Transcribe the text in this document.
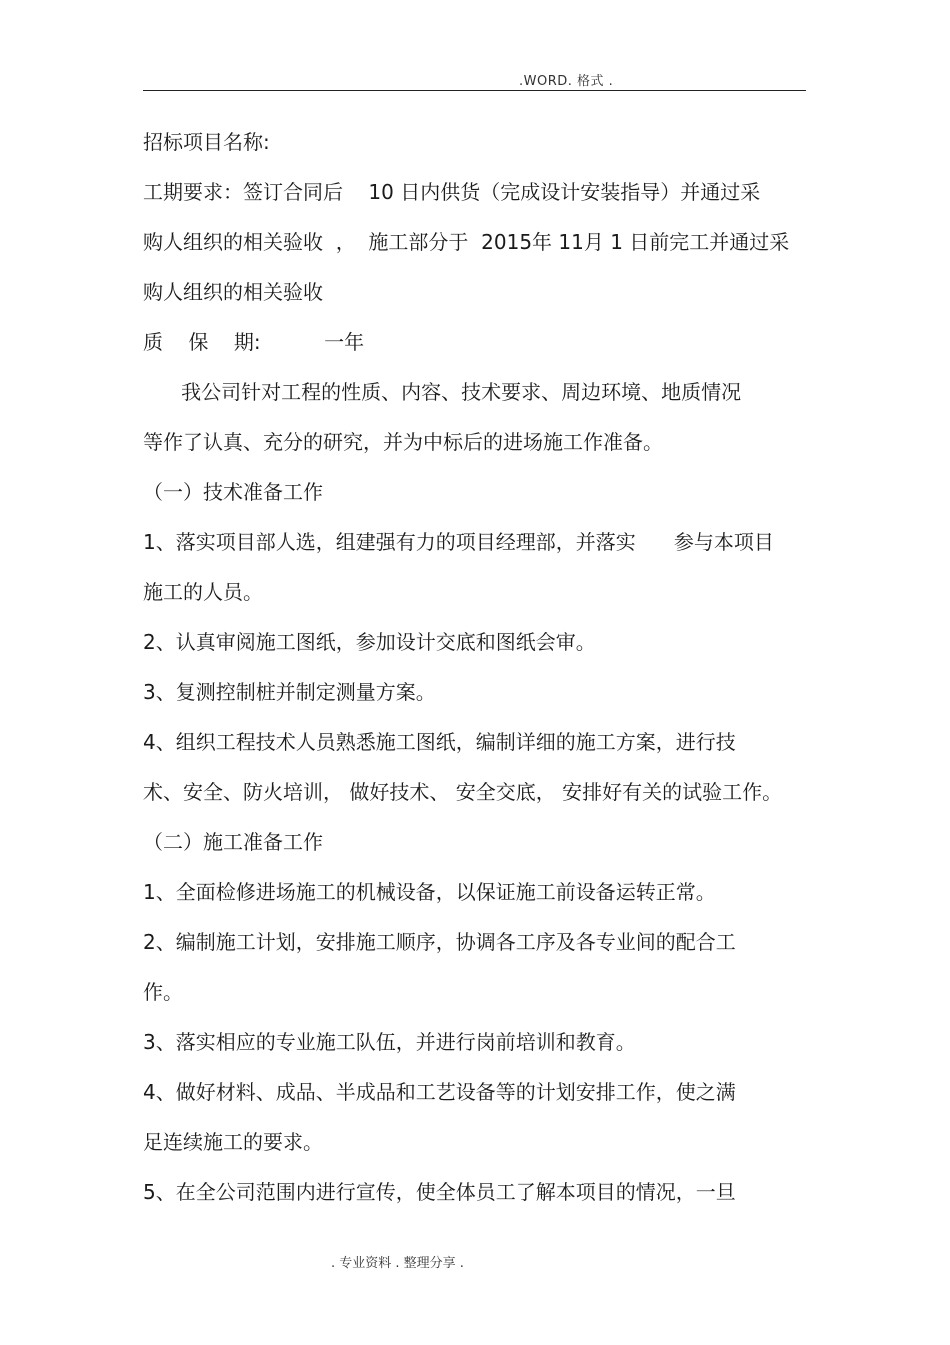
.WORD. 格式 .
招标项目名称:
工期要求：签订合同后    10 日内供货（完成设计安装指导）并通过采
购人组织的相关验收  ，  施工部分于  2015年 11月 1 日前完工并通过采
购人组织的相关验收
质    保    期:          一年
我公司针对工程的性质、内容、技术要求、周边环境、地质情况
等作了认真、充分的研究，并为中标后的进场施工作准备。
（一）技术准备工作
1、落实项目部人选，组建强有力的项目经理部，并落实      参与本项目
施工的人员。
2、认真审阅施工图纸，参加设计交底和图纸会审。
3、复测控制桩并制定测量方案。
4、组织工程技术人员熟悉施工图纸，编制详细的施工方案，进行技
术、安全、防火培训， 做好技术、 安全交底， 安排好有关的试验工作。
（二）施工准备工作
1、全面检修进场施工的机械设备，以保证施工前设备运转正常。
2、编制施工计划，安排施工顺序，协调各工序及各专业间的配合工
作。
3、落实相应的专业施工队伍，并进行岗前培训和教育。
4、做好材料、成品、半成品和工艺设备等的计划安排工作，使之满
足连续施工的要求。
5、在全公司范围内进行宣传，使全体员工了解本项目的情况，一旦
. 专业资料 . 整理分享 .
